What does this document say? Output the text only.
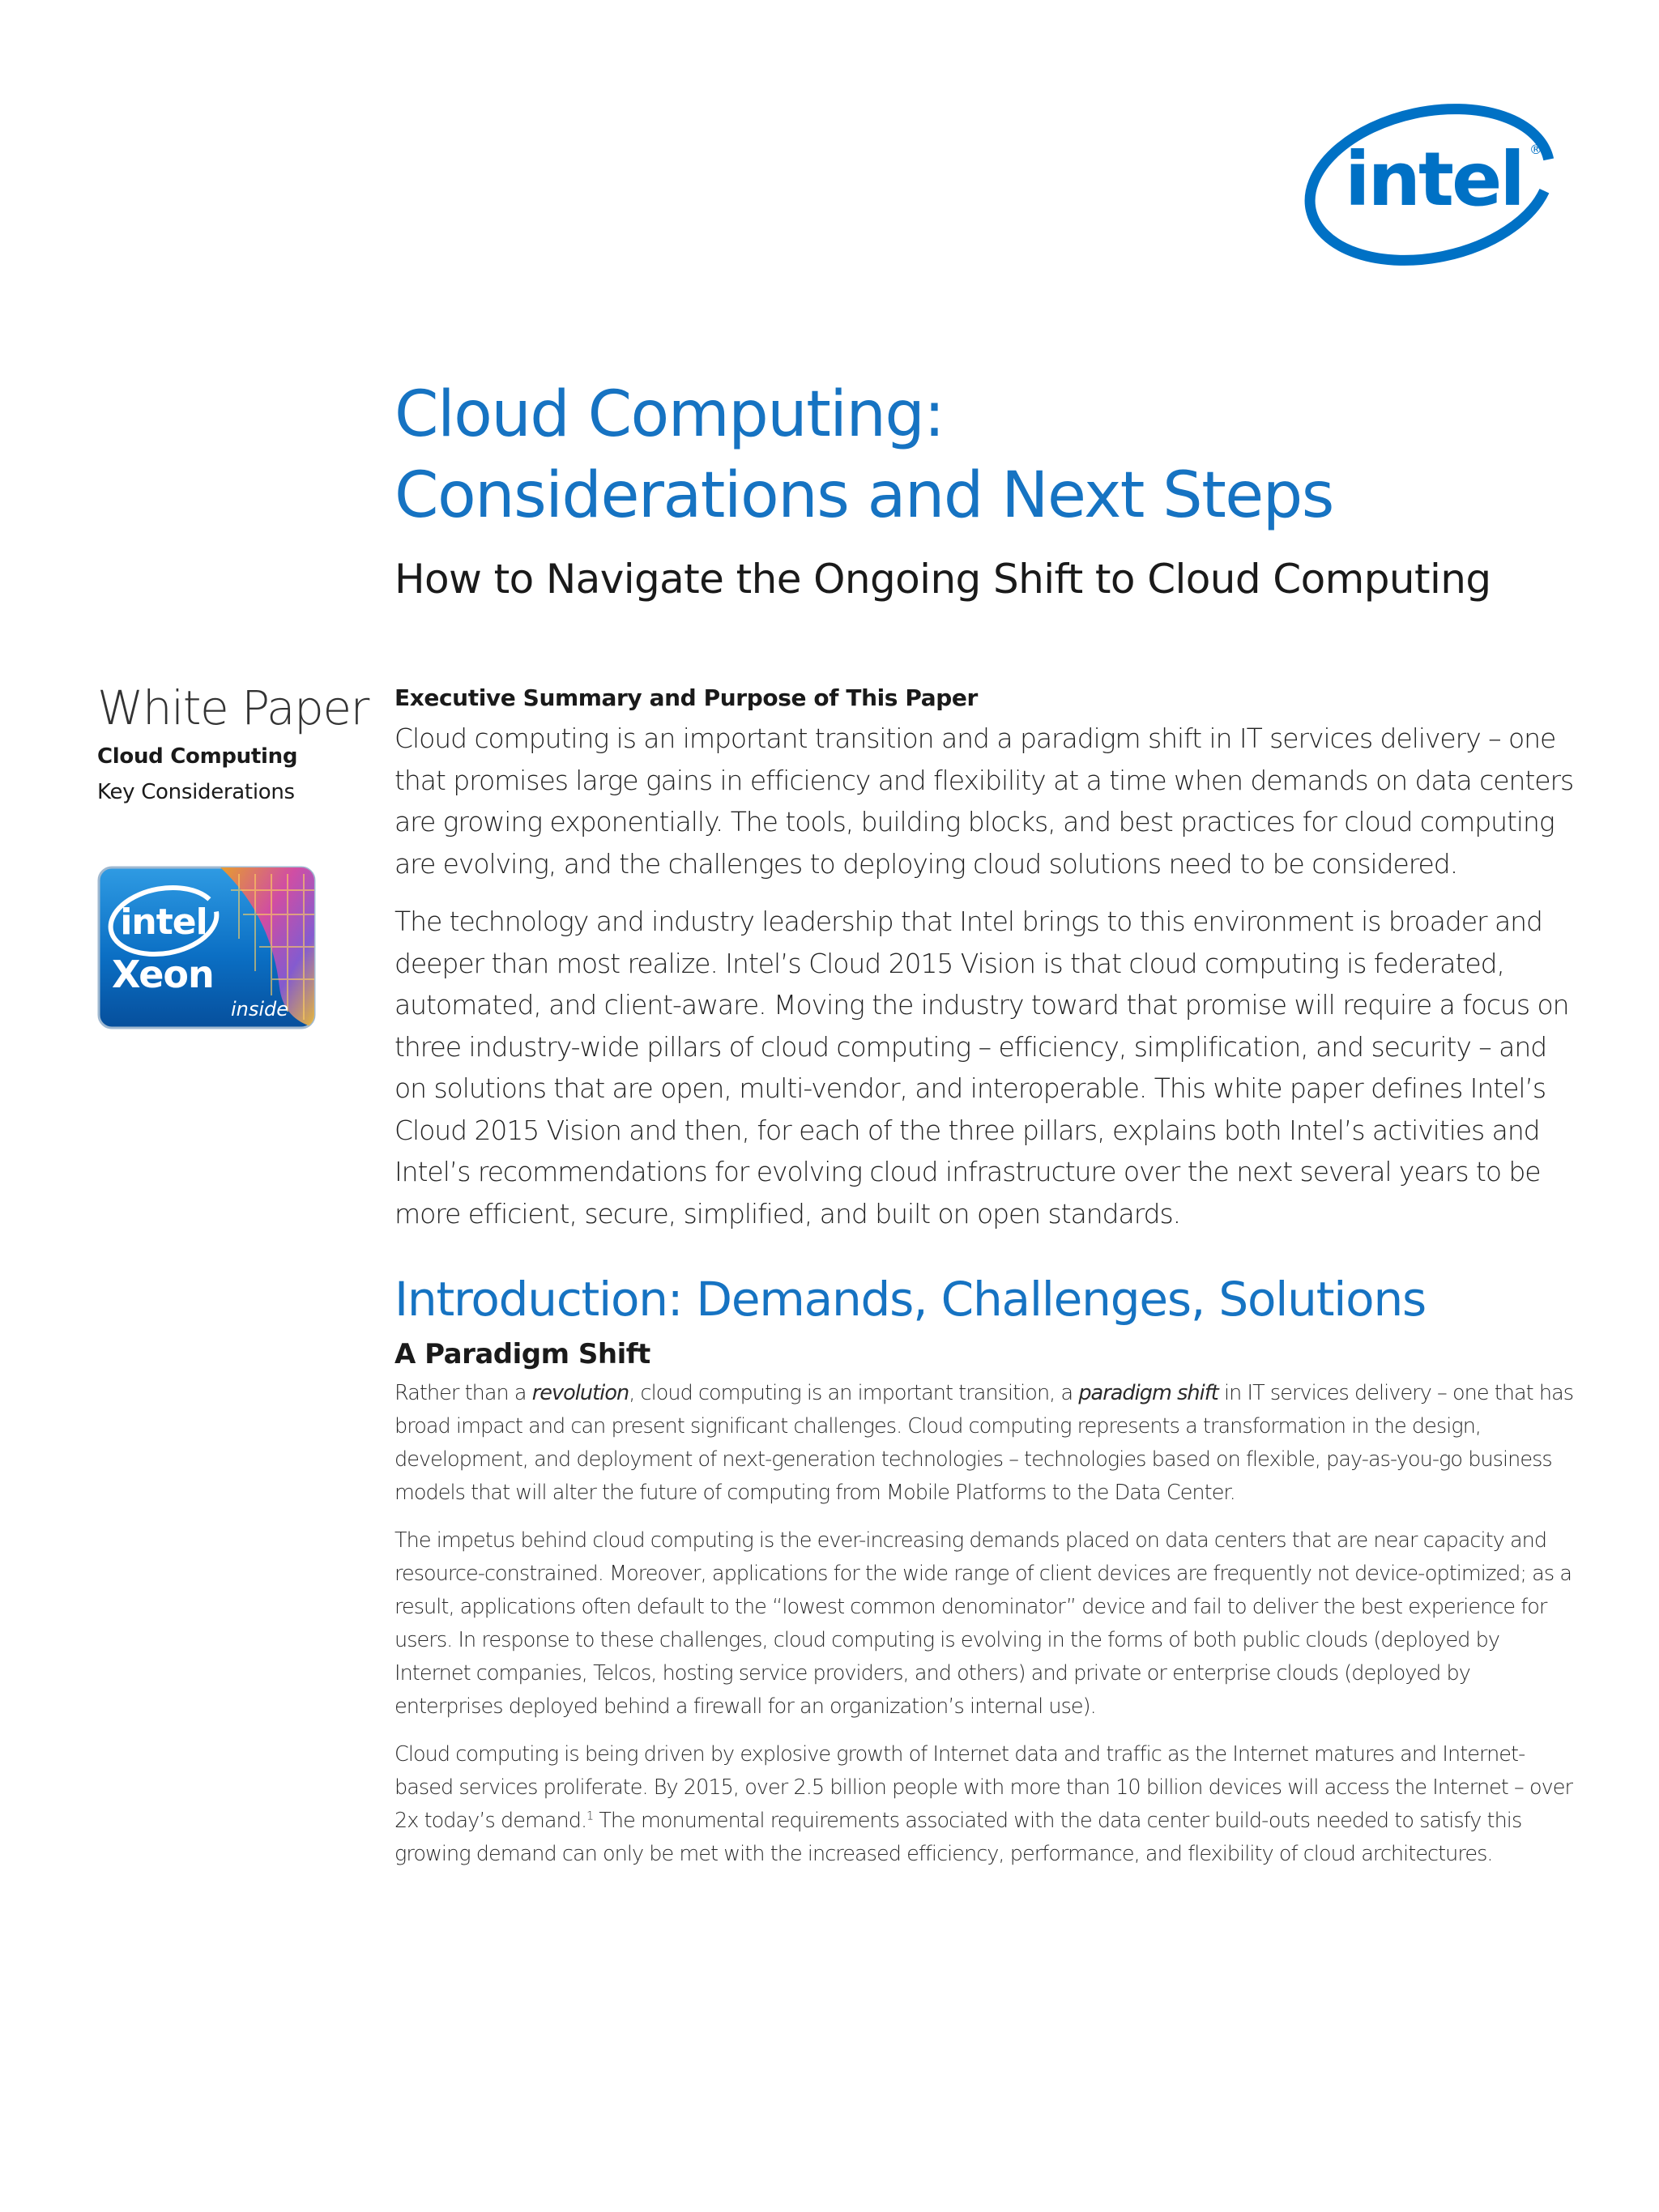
intel ®
Cloud Computing:
Considerations and Next Steps
How to Navigate the Ongoing Shift to Cloud Computing
White Paper
Cloud Computing
Key Considerations
intel
Xeon
inside
Executive Summary and Purpose of This Paper

Cloud computing is an important transition and a paradigm shift in IT services delivery – one that promises large gains in efficiency and flexibility at a time when demands on data centers are growing exponentially. The tools, building blocks, and best practices for cloud computing are evolving, and the challenges to deploying cloud solutions need to be considered.

The technology and industry leadership that Intel brings to this environment is broader and deeper than most realize. Intel’s Cloud 2015 Vision is that cloud computing is federated, automated, and client-aware. Moving the industry toward that promise will require a focus on three industry-wide pillars of cloud computing – efficiency, simplification, and security – and on solutions that are open, multi-vendor, and interoperable. This white paper defines Intel’s Cloud 2015 Vision and then, for each of the three pillars, explains both Intel’s activities and Intel’s recommendations for evolving cloud infrastructure over the next several years to be more efficient, secure, simplified, and built on open standards.

Introduction: Demands, Challenges, Solutions
A Paradigm Shift

Rather than a revolution, cloud computing is an important transition, a paradigm shift in IT services delivery – one that has broad impact and can present significant challenges. Cloud computing represents a transformation in the design, development, and deployment of next-generation technologies – technologies based on flexible, pay-as-you-go business models that will alter the future of computing from Mobile Platforms to the Data Center.

The impetus behind cloud computing is the ever-increasing demands placed on data centers that are near capacity and resource-constrained. Moreover, applications for the wide range of client devices are frequently not device-optimized; as a result, applications often default to the “lowest common denominator” device and fail to deliver the best experience for users. In response to these challenges, cloud computing is evolving in the forms of both public clouds (deployed by Internet companies, Telcos, hosting service providers, and others) and private or enterprise clouds (deployed by enterprises deployed behind a firewall for an organization’s internal use).

Cloud computing is being driven by explosive growth of Internet data and traffic as the Internet matures and Internet-based services proliferate. By 2015, over 2.5 billion people with more than 10 billion devices will access the Internet – over 2x today’s demand.$^1$ The monumental requirements associated with the data center build-outs needed to satisfy this growing demand can only be met with the increased efficiency, performance, and flexibility of cloud architectures.
